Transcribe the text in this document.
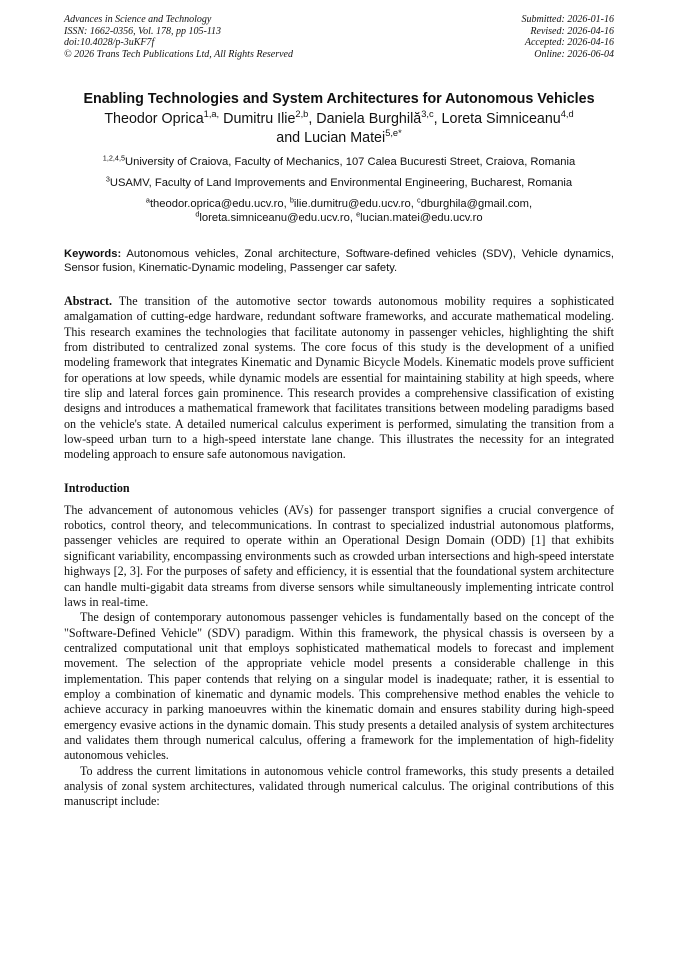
Advances in Science and Technology
ISSN: 1662-0356, Vol. 178, pp 105-113
doi:10.4028/p-3uKF7f
© 2026 Trans Tech Publications Ltd, All Rights Reserved
Submitted: 2026-01-16
Revised: 2026-04-16
Accepted: 2026-04-16
Online: 2026-06-04
Enabling Technologies and System Architectures for Autonomous Vehicles
Theodor Oprica$^{1,a,}$ Dumitru Ilie$^{2,b}$, Daniela Burghilă$^{3,c}$, Loreta Simniceanu$^{4,d}$
and Lucian Matei$^{5,e*}$
$^{1,2,4,5}$University of Craiova, Faculty of Mechanics, 107 Calea Bucuresti Street, Craiova, Romania
$^3$USAMV, Faculty of Land Improvements and Environmental Engineering, Bucharest, Romania
$^a$theodor.oprica@edu.ucv.ro, $^b$ilie.dumitru@edu.ucv.ro, $^c$dburghila@gmail.com,
$^d$loreta.simniceanu@edu.ucv.ro, $^e$lucian.matei@edu.ucv.ro
Keywords: Autonomous vehicles, Zonal architecture, Software-defined vehicles (SDV), Vehicle dynamics, Sensor fusion, Kinematic-Dynamic modeling, Passenger car safety.
Abstract. The transition of the automotive sector towards autonomous mobility requires a sophisticated amalgamation of cutting-edge hardware, redundant software frameworks, and accurate mathematical modeling. This research examines the technologies that facilitate autonomy in passenger vehicles, highlighting the shift from distributed to centralized zonal systems. The core focus of this study is the development of a unified modeling framework that integrates Kinematic and Dynamic Bicycle Models. Kinematic models prove sufficient for operations at low speeds, while dynamic models are essential for maintaining stability at high speeds, where tire slip and lateral forces gain prominence. This research provides a comprehensive classification of existing designs and introduces a mathematical framework that facilitates transitions between modeling paradigms based on the vehicle's state. A detailed numerical calculus experiment is performed, simulating the transition from a low-speed urban turn to a high-speed interstate lane change. This illustrates the necessity for an integrated modeling approach to ensure safe autonomous navigation.
Introduction

The advancement of autonomous vehicles (AVs) for passenger transport signifies a crucial convergence of robotics, control theory, and telecommunications. In contrast to specialized industrial autonomous platforms, passenger vehicles are required to operate within an Operational Design Domain (ODD) [1] that exhibits significant variability, encompassing environments such as crowded urban intersections and high-speed interstate highways [2, 3]. For the purposes of safety and efficiency, it is essential that the foundational system architecture can handle multi-gigabit data streams from diverse sensors while simultaneously implementing intricate control laws in real-time.

The design of contemporary autonomous passenger vehicles is fundamentally based on the concept of the "Software-Defined Vehicle" (SDV) paradigm. Within this framework, the physical chassis is overseen by a centralized computational unit that employs sophisticated mathematical models to forecast and implement movement. The selection of the appropriate vehicle model presents a considerable challenge in this implementation. This paper contends that relying on a singular model is inadequate; rather, it is essential to employ a combination of kinematic and dynamic models. This comprehensive method enables the vehicle to achieve accuracy in parking manoeuvres within the kinematic domain and ensures stability during high-speed emergency evasive actions in the dynamic domain. This study presents a detailed analysis of system architectures and validates them through numerical calculus, offering a framework for the implementation of high-fidelity autonomous vehicles.

To address the current limitations in autonomous vehicle control frameworks, this study presents a detailed analysis of zonal system architectures, validated through numerical calculus. The original contributions of this manuscript include:
